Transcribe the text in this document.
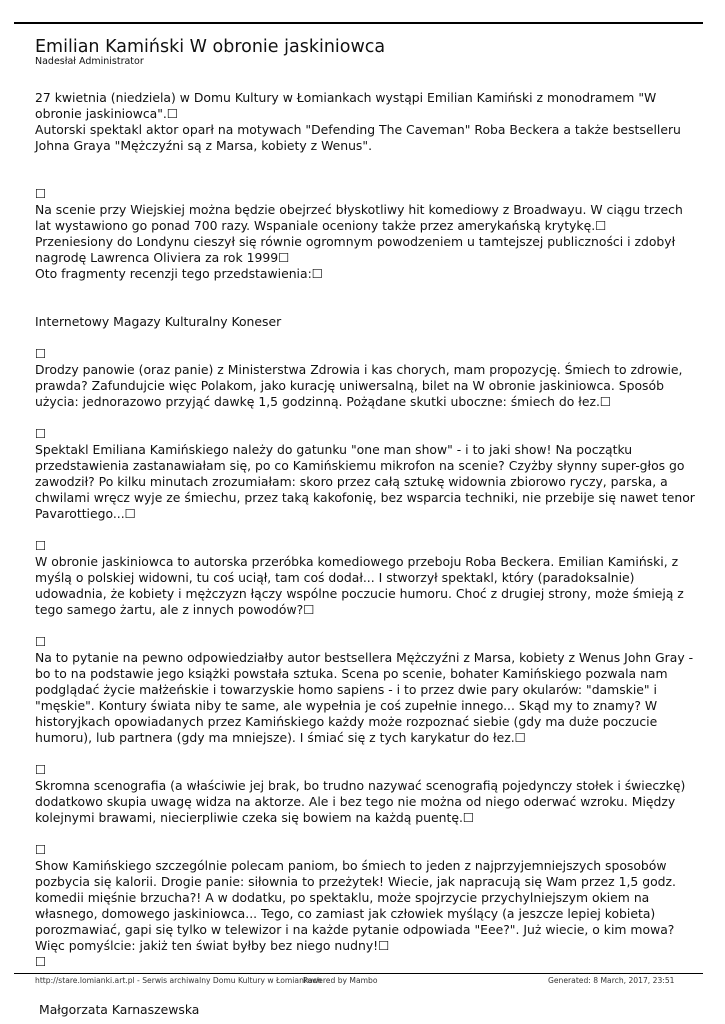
Emilian Kamiński W obronie jaskiniowca
Nadesłał Administrator

27 kwietnia (niedziela) w Domu Kultury w Łomiankach wystąpi Emilian Kamiński z monodramem "W obronie jaskiniowca".☐

Autorski spektakl aktor oparł na motywach "Defending The Caveman" Roba Beckera a także bestselleru Johna Graya "Mężczyźni są z Marsa, kobiety z Wenus".

☐

Na scenie przy Wiejskiej można będzie obejrzeć błyskotliwy hit komediowy z Broadwayu. W ciągu trzech lat wystawiono go ponad 700 razy. Wspaniale oceniony także przez amerykańską krytykę.☐

Przeniesiony do Londynu cieszył się równie ogromnym powodzeniem u tamtejszej publiczności i zdobył nagrodę Lawrenca Oliviera za rok 1999☐

Oto fragmenty recenzji tego przedstawienia:☐

Internetowy Magazy Kulturalny Koneser

☐

Drodzy panowie (oraz panie) z Ministerstwa Zdrowia i kas chorych, mam propozycję. Śmiech to zdrowie, prawda? Zafundujcie więc Polakom, jako kurację uniwersalną, bilet na W obronie jaskiniowca. Sposób użycia: jednorazowo przyjąć dawkę 1,5 godzinną. Pożądane skutki uboczne: śmiech do łez.☐

☐

Spektakl Emiliana Kamińskiego należy do gatunku "one man show" - i to jaki show! Na początku przedstawienia zastanawiałam się, po co Kamińskiemu mikrofon na scenie? Czyżby słynny super-głos go zawodził? Po kilku minutach zrozumiałam: skoro przez całą sztukę widownia zbiorowo ryczy, parska, a chwilami wręcz wyje ze śmiechu, przez taką kakofonię, bez wsparcia techniki, nie przebije się nawet tenor Pavarottiego...☐

☐

W obronie jaskiniowca to autorska przeróbka komediowego przeboju Roba Beckera. Emilian Kamiński, z myślą o polskiej widowni, tu coś uciął, tam coś dodał... I stworzył spektakl, który (paradoksalnie) udowadnia, że kobiety i mężczyzn łączy wspólne poczucie humoru. Choć z drugiej strony, może śmieją z tego samego żartu, ale z innych powodów?☐

☐

Na to pytanie na pewno odpowiedziałby autor bestsellera Mężczyźni z Marsa, kobiety z Wenus John Gray - bo to na podstawie jego książki powstała sztuka. Scena po scenie, bohater Kamińskiego pozwala nam podglądać życie małżeńskie i towarzyskie homo sapiens - i to przez dwie pary okularów: "damskie" i "męskie". Kontury świata niby te same, ale wypełnia je coś zupełnie innego... Skąd my to znamy? W historyjkach opowiadanych przez Kamińskiego każdy może rozpoznać siebie (gdy ma duże poczucie humoru), lub partnera (gdy ma mniejsze). I śmiać się z tych karykatur do łez.☐

☐

Skromna scenografia (a właściwie jej brak, bo trudno nazywać scenografią pojedynczy stołek i świeczkę) dodatkowo skupia uwagę widza na aktorze. Ale i bez tego nie można od niego oderwać wzroku. Między kolejnymi brawami, niecierpliwie czeka się bowiem na każdą puentę.☐

☐

Show Kamińskiego szczególnie polecam paniom, bo śmiech to jeden z najprzyjemniejszych sposobów pozbycia się kalorii. Drogie panie: siłownia to przeżytek! Wiecie, jak napracują się Wam przez 1,5 godz. komedii mięśnie brzucha?! A w dodatku, po spektaklu, może spojrzycie przychylniejszym okiem na własnego, domowego jaskiniowca... Tego, co zamiast jak człowiek myślący (a jeszcze lepiej kobieta) porozmawiać, gapi się tylko w telewizor i na każde pytanie odpowiada "Eee?". Już wiecie, o kim mowa? Więc pomyślcie: jakiż ten świat byłby bez niego nudny!☐

☐

Małgorzata Karnaszewska

http://stare.lomianki.art.pl - Serwis archiwalny Domu Kultury w Łomiankach
Powered by Mambo	Generated: 8 March, 2017, 23:51
